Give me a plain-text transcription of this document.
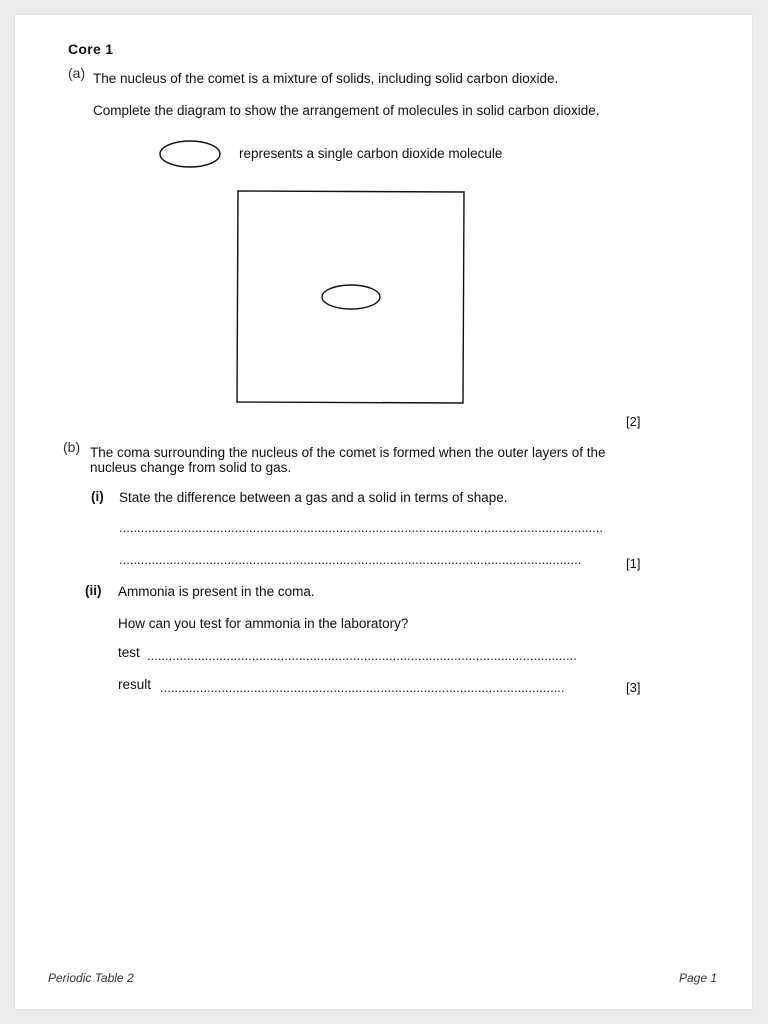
Core 1
(a) The nucleus of the comet is a mixture of solids, including solid carbon dioxide.
Complete the diagram to show the arrangement of molecules in solid carbon dioxide.
represents a single carbon dioxide molecule
[2]
(b) The coma surrounding the nucleus of the comet is formed when the outer layers of the
nucleus change from solid to gas.
(i) State the difference between a gas and a solid in terms of shape.
......................................................................................................................................
................................................................................................................................	[1]
(ii) Ammonia is present in the coma.
How can you test for ammonia in the laboratory?
test .......................................................................................................................
result ................................................................................................................	[3]
Periodic Table 2	Page 1
